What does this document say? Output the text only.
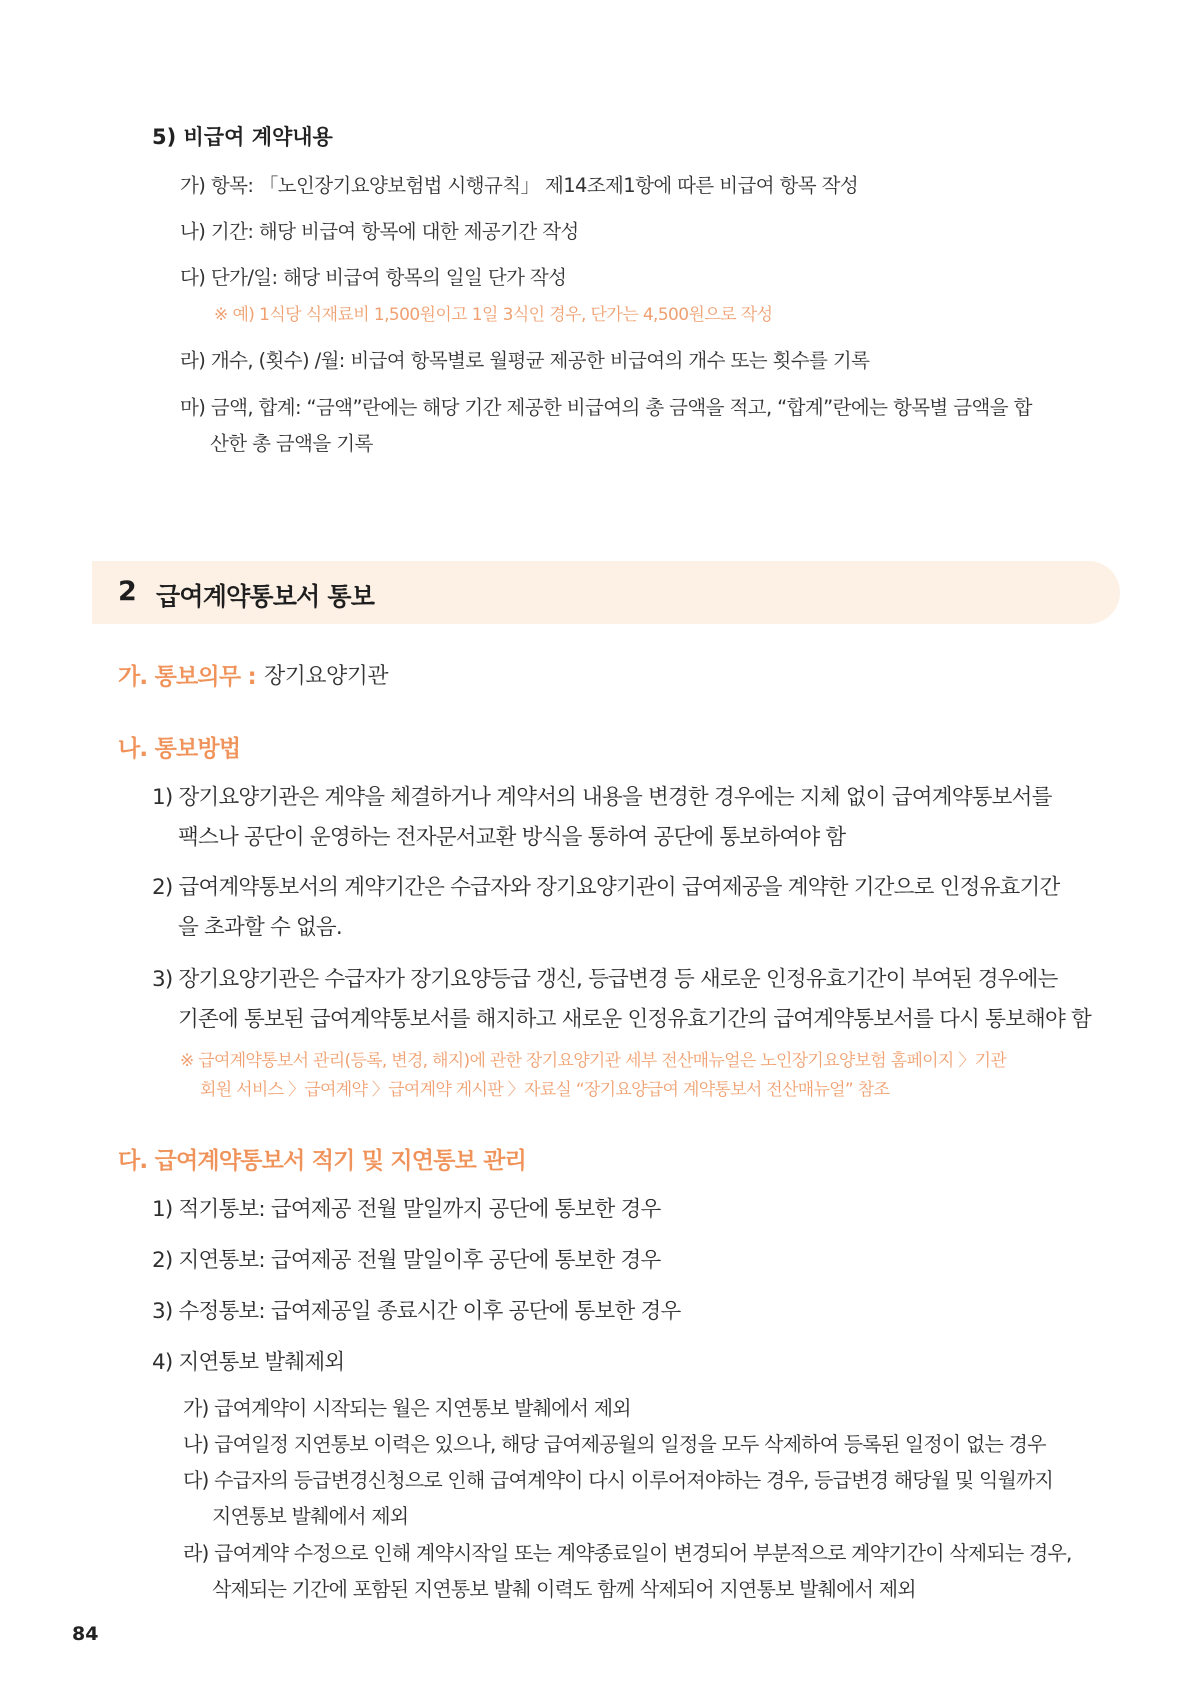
5) 비급여 계약내용
가) 항목: 「노인장기요양보험법 시행규칙」 제14조제1항에 따른 비급여 항목 작성
나) 기간: 해당 비급여 항목에 대한 제공기간 작성
다) 단가/일: 해당 비급여 항목의 일일 단가 작성
※ 예) 1식당 식재료비 1,500원이고 1일 3식인 경우, 단가는 4,500원으로 작성
라) 개수, (횟수) /월: 비급여 항목별로 월평균 제공한 비급여의 개수 또는 횟수를 기록
마) 금액, 합계: “금액”란에는 해당 기간 제공한 비급여의 총 금액을 적고, “합계”란에는 항목별 금액을 합
산한 총 금액을 기록
2 급여계약통보서 통보
가. 통보의무 : 장기요양기관
나. 통보방법
1) 장기요양기관은 계약을 체결하거나 계약서의 내용을 변경한 경우에는 지체 없이 급여계약통보서를
팩스나 공단이 운영하는 전자문서교환 방식을 통하여 공단에 통보하여야 함
2) 급여계약통보서의 계약기간은 수급자와 장기요양기관이 급여제공을 계약한 기간으로 인정유효기간
을 초과할 수 없음.
3) 장기요양기관은 수급자가 장기요양등급 갱신, 등급변경 등 새로운 인정유효기간이 부여된 경우에는
기존에 통보된 급여계약통보서를 해지하고 새로운 인정유효기간의 급여계약통보서를 다시 통보해야 함
※ 급여계약통보서 관리(등록, 변경, 해지)에 관한 장기요양기관 세부 전산매뉴얼은 노인장기요양보험 홈페이지 〉기관
회원 서비스 〉급여계약 〉급여계약 게시판 〉자료실 “장기요양급여 계약통보서 전산매뉴얼” 참조
다. 급여계약통보서 적기 및 지연통보 관리
1) 적기통보: 급여제공 전월 말일까지 공단에 통보한 경우
2) 지연통보: 급여제공 전월 말일이후 공단에 통보한 경우
3) 수정통보: 급여제공일 종료시간 이후 공단에 통보한 경우
4) 지연통보 발췌제외
가) 급여계약이 시작되는 월은 지연통보 발췌에서 제외
나) 급여일정 지연통보 이력은 있으나, 해당 급여제공월의 일정을 모두 삭제하여 등록된 일정이 없는 경우
다) 수급자의 등급변경신청으로 인해 급여계약이 다시 이루어져야하는 경우, 등급변경 해당월 및 익월까지
지연통보 발췌에서 제외
라) 급여계약 수정으로 인해 계약시작일 또는 계약종료일이 변경되어 부분적으로 계약기간이 삭제되는 경우,
삭제되는 기간에 포함된 지연통보 발췌 이력도 함께 삭제되어 지연통보 발췌에서 제외
84
